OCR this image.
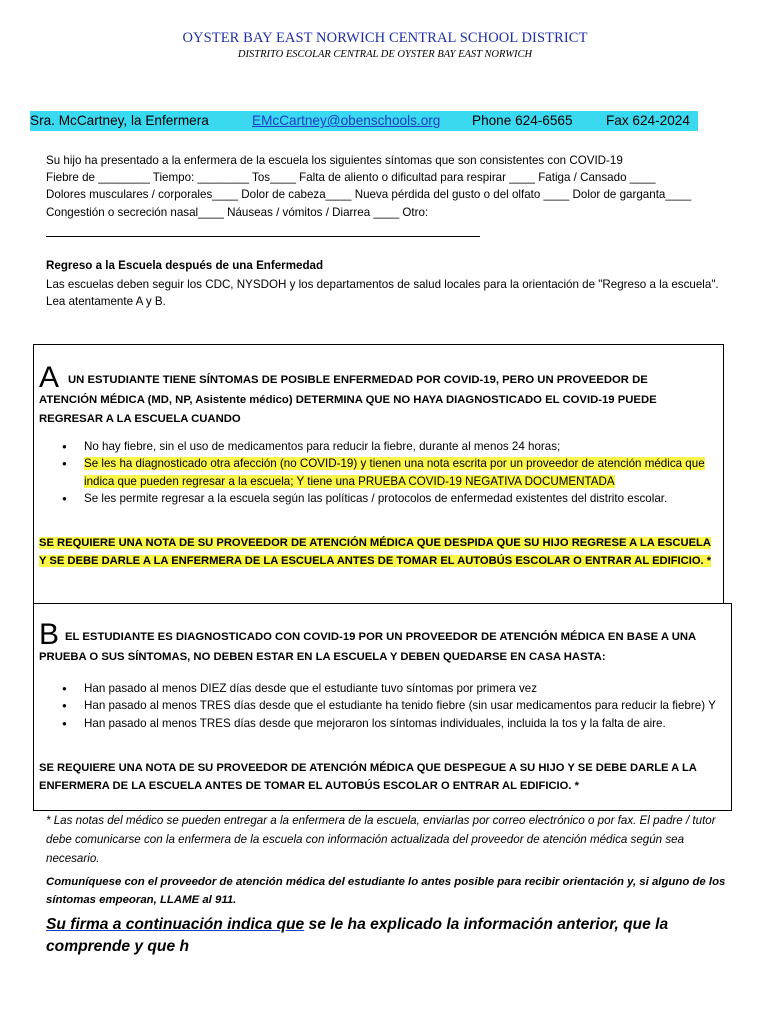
OYSTER BAY EAST NORWICH CENTRAL SCHOOL DISTRICT
DISTRITO ESCOLAR CENTRAL DE OYSTER BAY EAST NORWICH
Sra. McCartney, la Enfermera	EMcCartney@obenschools.org Phone 624-6565 Fax 624-2024
Su hijo ha presentado a la enfermera de la escuela los siguientes síntomas que son consistentes con COVID-19
Fiebre de ________ Tiempo: ________ Tos____ Falta de aliento o dificultad para respirar ____ Fatiga / Cansado ____
Dolores musculares / corporales____ Dolor de cabeza____ Nueva pérdida del gusto o del olfato ____ Dolor de garganta____
Congestión o secreción nasal____ Náuseas / vómitos / Diarrea ____ Otro:
Regreso a la Escuela después de una Enfermedad
Las escuelas deben seguir los CDC, NYSDOH y los departamentos de salud locales para la orientación de "Regreso a la escuela".
Lea atentamente A y B.
A UN ESTUDIANTE TIENE SÍNTOMAS DE POSIBLE ENFERMEDAD POR COVID-19, PERO UN PROVEEDOR DE
ATENCIÓN MÉDICA (MD, NP, Asistente médico) DETERMINA QUE NO HAYA DIAGNOSTICADO EL COVID-19 PUEDE REGRESAR A LA ESCUELA CUANDO
● No hay fiebre, sin el uso de medicamentos para reducir la fiebre, durante al menos 24 horas;
● Se les ha diagnosticado otra afección (no COVID-19) y tienen una nota escrita por un proveedor de atención médica que indica que pueden regresar a la escuela; Y tiene una PRUEBA COVID-19 NEGATIVA DOCUMENTADA
● Se les permite regresar a la escuela según las políticas / protocolos de enfermedad existentes del distrito escolar.
SE REQUIERE UNA NOTA DE SU PROVEEDOR DE ATENCIÓN MÉDICA QUE DESPIDA QUE SU HIJO REGRESE A LA ESCUELA Y SE DEBE DARLE A LA ENFERMERA DE LA ESCUELA ANTES DE TOMAR EL AUTOBÚS ESCOLAR O ENTRAR AL EDIFICIO. *
B EL ESTUDIANTE ES DIAGNOSTICADO CON COVID-19 POR UN PROVEEDOR DE ATENCIÓN MÉDICA EN BASE A UNA
PRUEBA O SUS SÍNTOMAS, NO DEBEN ESTAR EN LA ESCUELA Y DEBEN QUEDARSE EN CASA HASTA:
● Han pasado al menos DIEZ días desde que el estudiante tuvo síntomas por primera vez
● Han pasado al menos TRES días desde que el estudiante ha tenido fiebre (sin usar medicamentos para reducir la fiebre) Y
● Han pasado al menos TRES días desde que mejoraron los síntomas individuales, incluida la tos y la falta de aire.
SE REQUIERE UNA NOTA DE SU PROVEEDOR DE ATENCIÓN MÉDICA QUE DESPEGUE A SU HIJO Y SE DEBE DARLE A LA ENFERMERA DE LA ESCUELA ANTES DE TOMAR EL AUTOBÚS ESCOLAR O ENTRAR AL EDIFICIO. *
* Las notas del médico se pueden entregar a la enfermera de la escuela, enviarlas por correo electrónico o por fax. El padre / tutor debe comunicarse con la enfermera de la escuela con información actualizada del proveedor de atención médica según sea necesario.
Comuníquese con el proveedor de atención médica del estudiante lo antes posible para recibir orientación y, si alguno de los síntomas empeoran, LLAME al 911.
Su firma a continuación indica que se le ha explicado la información anterior, que la comprende y que h
